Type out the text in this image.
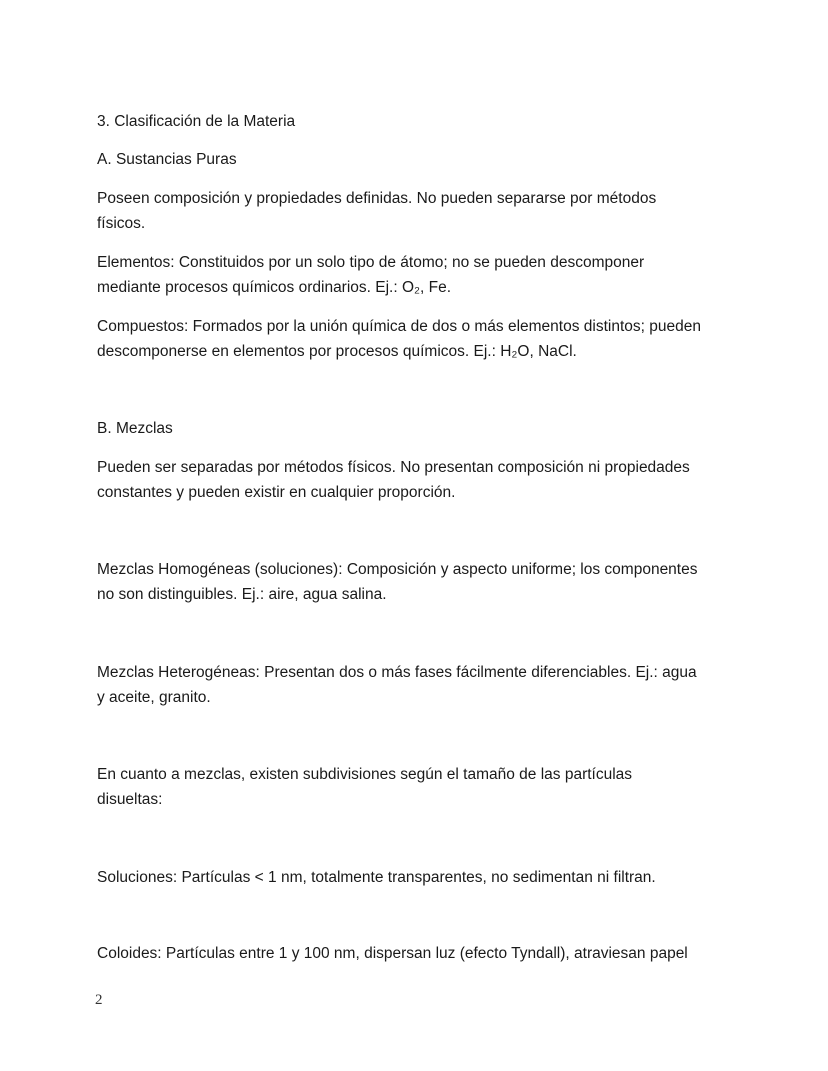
3. Clasificación de la Materia

A. Sustancias Puras

Poseen composición y propiedades definidas. No pueden separarse por métodos
físicos.

Elementos: Constituidos por un solo tipo de átomo; no se pueden descomponer
mediante procesos químicos ordinarios. Ej.: O₂, Fe.

Compuestos: Formados por la unión química de dos o más elementos distintos; pueden
descomponerse en elementos por procesos químicos. Ej.: H₂O, NaCl.

B. Mezclas

Pueden ser separadas por métodos físicos. No presentan composición ni propiedades
constantes y pueden existir en cualquier proporción.

Mezclas Homogéneas (soluciones): Composición y aspecto uniforme; los componentes
no son distinguibles. Ej.: aire, agua salina.

Mezclas Heterogéneas: Presentan dos o más fases fácilmente diferenciables. Ej.: agua
y aceite, granito.

En cuanto a mezclas, existen subdivisiones según el tamaño de las partículas
disueltas:

Soluciones: Partículas < 1 nm, totalmente transparentes, no sedimentan ni filtran.

Coloides: Partículas entre 1 y 100 nm, dispersan luz (efecto Tyndall), atraviesan papel

2
